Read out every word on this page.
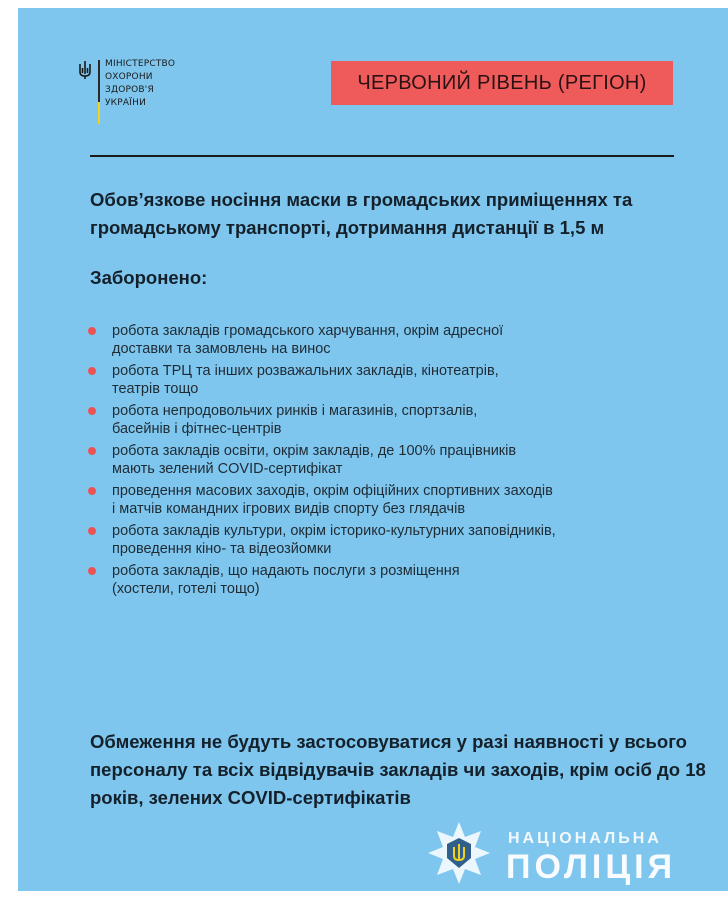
МІНІСТЕРСТВО
ОХОРОНИ
ЗДОРОВ'Я
УКРАЇНИ
ЧЕРВОНИЙ РІВЕНЬ (РЕГІОН)
Обов’язкове носіння маски в громадських приміщеннях та громадському транспорті, дотримання дистанції в 1,5 м
Заборонено:
робота закладів громадського харчування, окрім адресної
доставки та замовлень на винос
робота ТРЦ та інших розважальних закладів, кінотеатрів,
театрів тощо
робота непродовольчих ринків і магазинів, спортзалів,
басейнів і фітнес-центрів
робота закладів освіти, окрім закладів, де 100% працівників
мають зелений COVID-сертифікат
проведення масових заходів, окрім офіційних спортивних заходів
і матчів командних ігрових видів спорту без глядачів
робота закладів культури, окрім історико-культурних заповідників,
проведення кіно- та відеозйомки
робота закладів, що надають послуги з розміщення
(хостели, готелі тощо)
Обмеження не будуть застосовуватися у разі наявності у всього персоналу та всіх відвідувачів закладів чи заходів, крім осіб до 18 років, зелених COVID-сертифікатів
НАЦІОНАЛЬНА
ПОЛІЦІЯ
